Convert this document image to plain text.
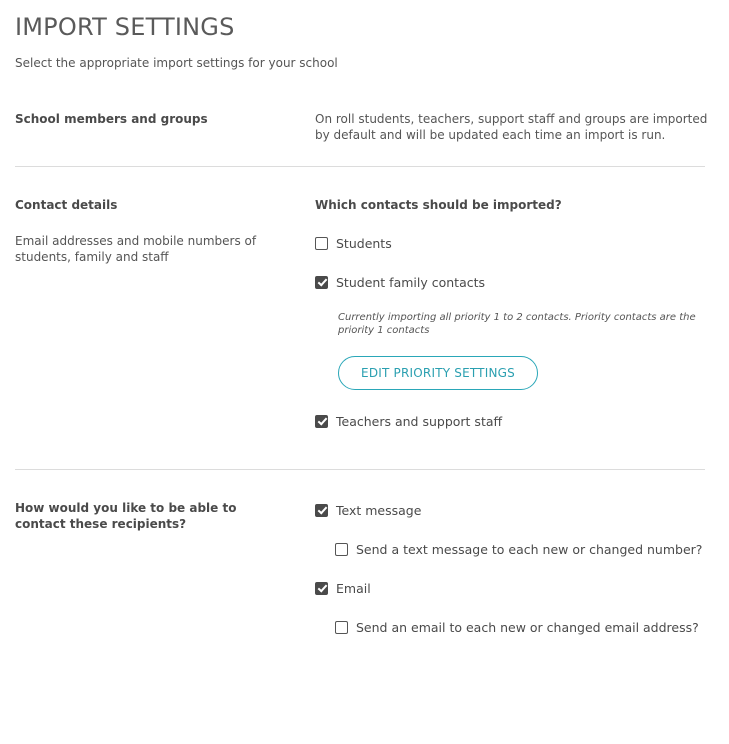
IMPORT SETTINGS
Select the appropriate import settings for your school
School members and groups	On roll students, teachers, support staff and groups are imported by default and will be updated each time an import is run.
Contact details
Email addresses and mobile numbers of students, family and staff
Which contacts should be imported?
Students
Student family contacts
Currently importing all priority 1 to 2 contacts. Priority contacts are the priority 1 contacts
EDIT PRIORITY SETTINGS
Teachers and support staff
How would you like to be able to contact these recipients?
Text message
Send a text message to each new or changed number?
Email
Send an email to each new or changed email address?
